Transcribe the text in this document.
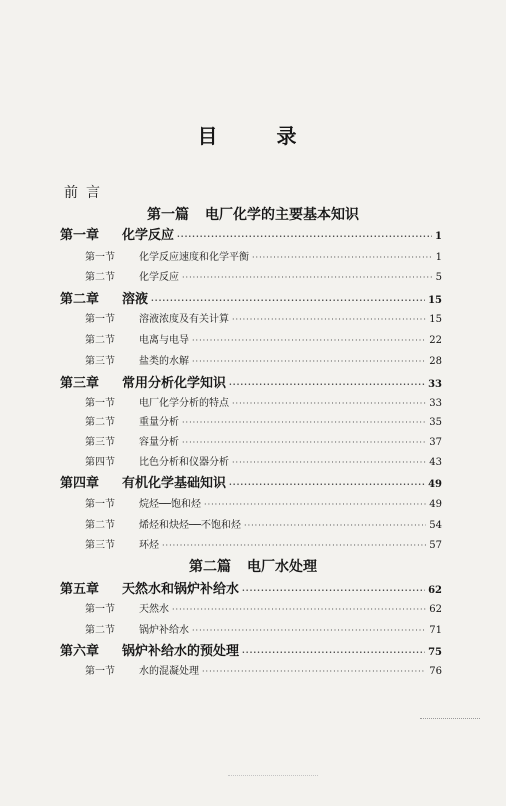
目 录
前言
第一篇 电厂化学的主要基本知识
第一章 化学反应 ·····	1
第一节 化学反应速度和化学平衡 ·····	1
第二节 化学反应 ·····	5
第二章 溶液 ·····	15
第一节 溶液浓度及有关计算 ·····	15
第二节 电离与电导 ·····	22
第三节 盐类的水解 ·····	28
第三章 常用分析化学知识 ·····	33
第一节 电厂化学分析的特点 ·····	33
第二节 重量分析 ·····	35
第三节 容量分析 ·····	37
第四节 比色分析和仪器分析 ·····	43
第四章 有机化学基础知识 ·····	49
第一节 烷烃──饱和烃 ·····	49
第二节 烯烃和炔烃──不饱和烃 ·····	54
第三节 环烃 ·····	57
第二篇 电厂水处理
第五章 天然水和锅炉补给水 ·····	62
第一节 天然水 ·····	62
第二节 锅炉补给水 ·····	71
第六章 锅炉补给水的预处理 ·····	75
第一节 水的混凝处理 ·····	76
